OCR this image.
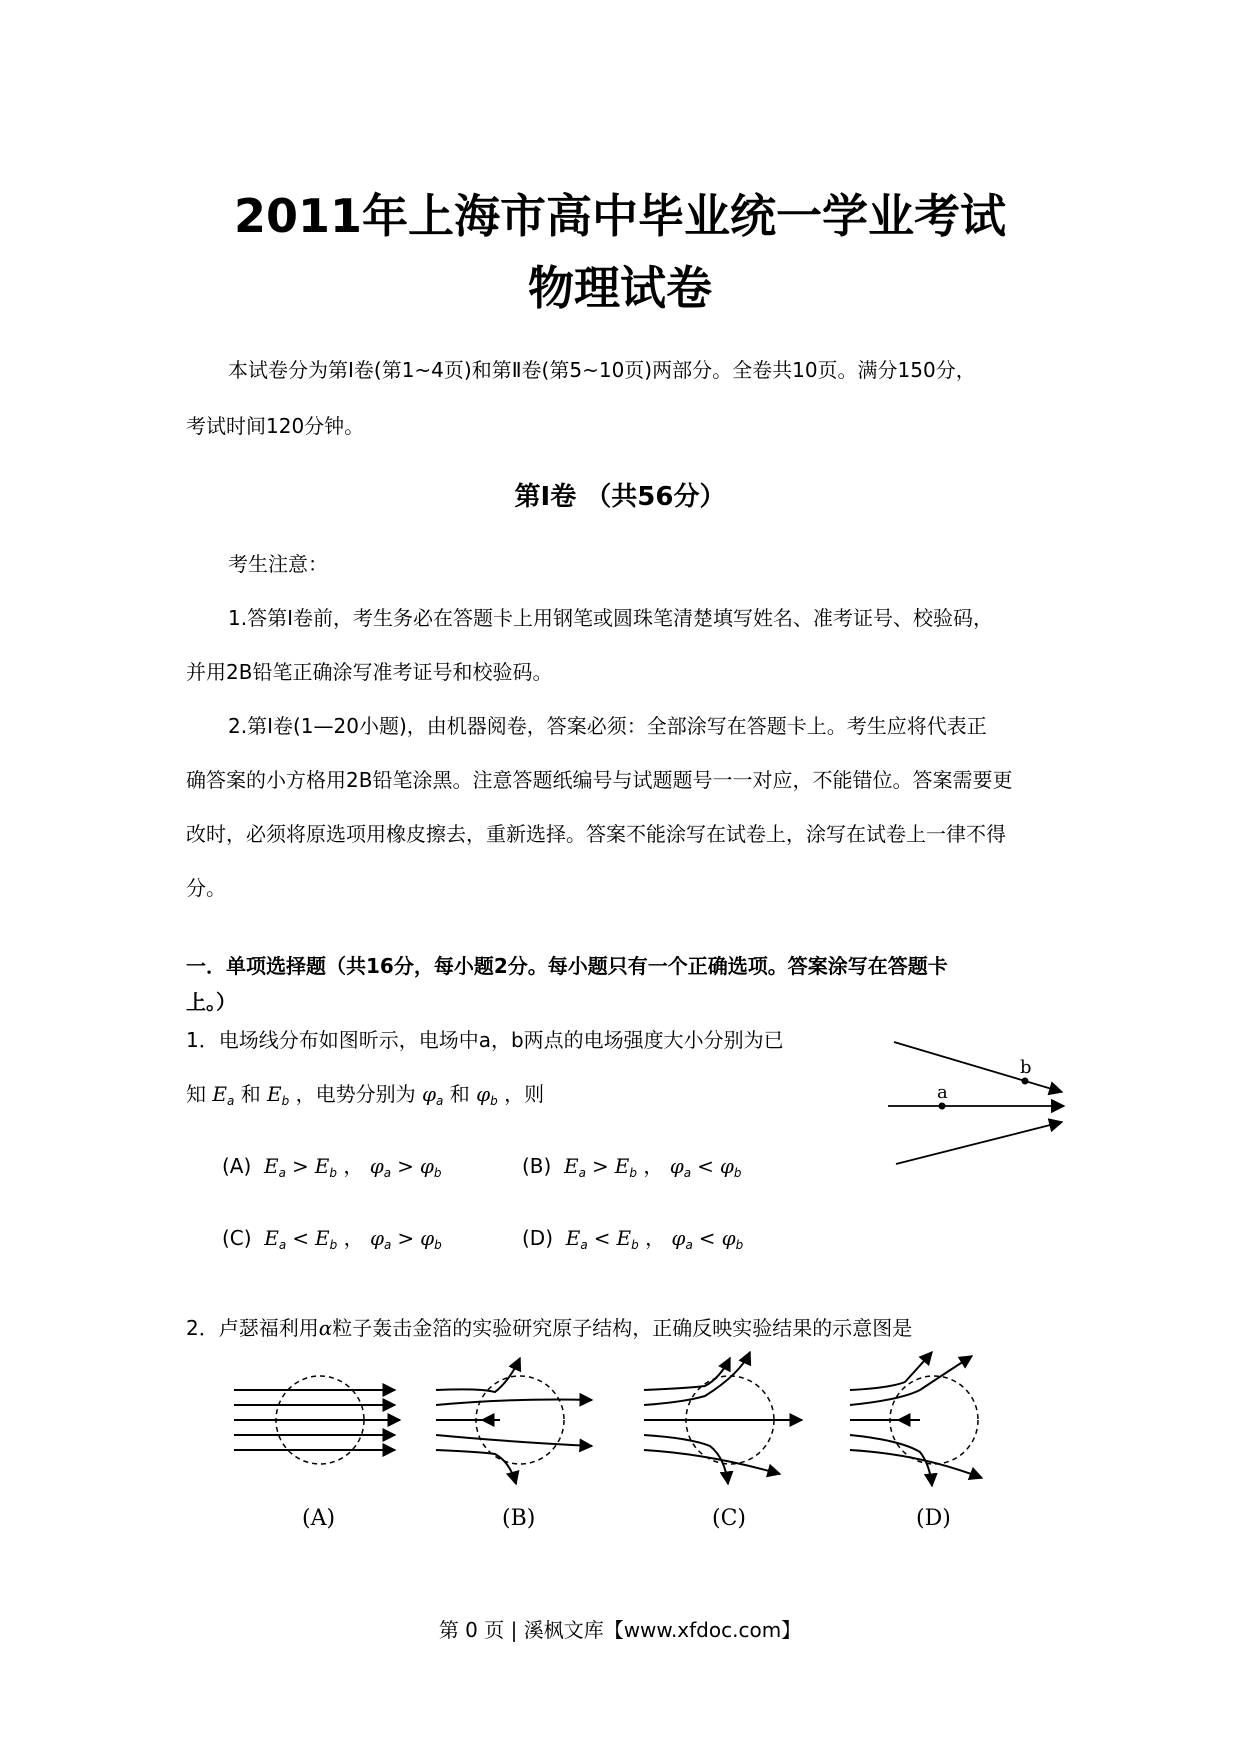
2011年上海市高中毕业统一学业考试
物理试卷
本试卷分为第Ⅰ卷(第1~4页)和第Ⅱ卷(第5~10页)两部分。全卷共10页。满分150分，
考试时间120分钟。
第Ⅰ卷 （共56分）
考生注意：
1.答第Ⅰ卷前，考生务必在答题卡上用钢笔或圆珠笔清楚填写姓名、准考证号、校验码，
并用2B铅笔正确涂写准考证号和校验码。
2.第Ⅰ卷(1—20小题)，由机器阅卷，答案必须：全部涂写在答题卡上。考生应将代表正
确答案的小方格用2B铅笔涂黑。注意答题纸编号与试题题号一一对应，不能错位。答案需要更
改时，必须将原选项用橡皮擦去，重新选择。答案不能涂写在试卷上，涂写在试卷上一律不得
分。
一．单项选择题（共16分，每小题2分。每小题只有一个正确选项。答案涂写在答题卡
上。）
1．电场线分布如图昕示，电场中a，b两点的电场强度大小分别为已
知 $E_a$ 和 $E_b$ ，电势分别为 $\varphi_a$ 和 $\varphi_b$ ，则
(A) $E_a > E_b$ ， $\varphi_a > \varphi_b$	(B) $E_a > E_b$ ， $\varphi_a < \varphi_b$
(C) $E_a < E_b$ ， $\varphi_a > \varphi_b$	(D) $E_a < E_b$ ， $\varphi_a < \varphi_b$
a
b
2．卢瑟福利用α粒子轰击金箔的实验研究原子结构，正确反映实验结果的示意图是
(A)	(B)	(C)	(D)
第 0 页 | 溪枫文库【www.xfdoc.com】
